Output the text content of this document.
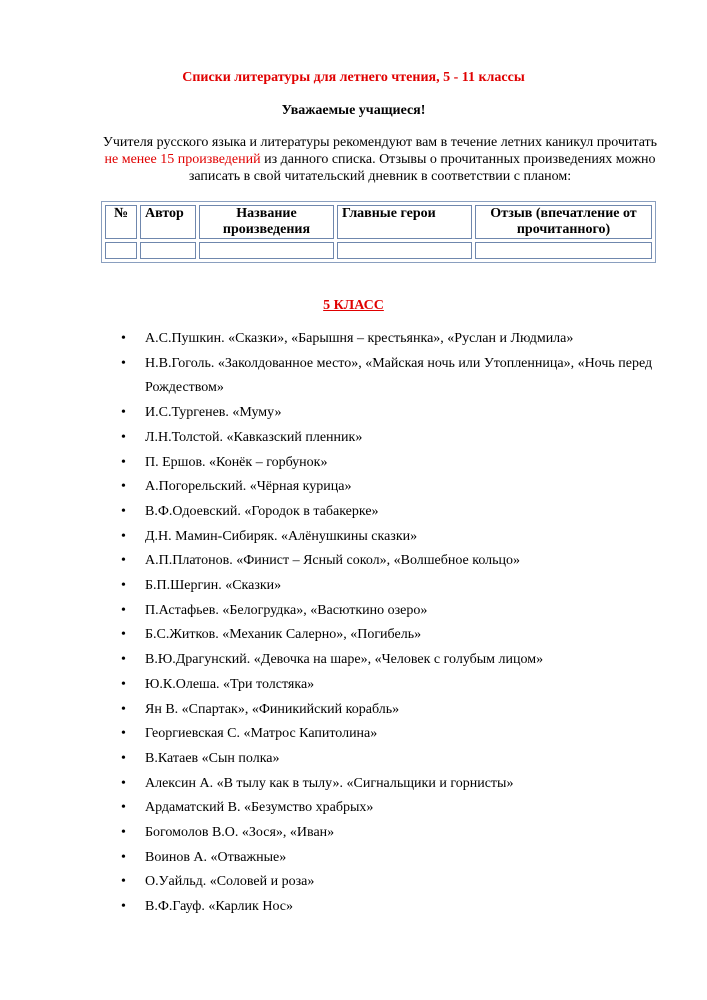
Списки литературы для летнего чтения, 5 - 11 классы
Уважаемые учащиеся!
Учителя русского языка и литературы рекомендуют вам в течение летних каникул прочитать не менее 15 произведений из данного списка. Отзывы о прочитанных произведениях можно записать в свой читательский дневник в соответствии с планом:
№	Автор	Название произведения	Главные герои	Отзыв (впечатление от прочитанного)

5 КЛАСС
• А.С.Пушкин. «Сказки», «Барышня – крестьянка», «Руслан и Людмила»
• Н.В.Гоголь. «Заколдованное место», «Майская ночь или Утопленница», «Ночь перед Рождеством»
• И.С.Тургенев. «Муму»
• Л.Н.Толстой. «Кавказский пленник»
• П. Ершов. «Конёк – горбунок»
• А.Погорельский. «Чёрная курица»
• В.Ф.Одоевский. «Городок в табакерке»
• Д.Н. Мамин-Сибиряк. «Алёнушкины сказки»
• А.П.Платонов. «Финист – Ясный сокол», «Волшебное кольцо»
• Б.П.Шергин. «Сказки»
• П.Астафьев. «Белогрудка», «Васюткино озеро»
• Б.С.Житков. «Механик Салерно», «Погибель»
• В.Ю.Драгунский. «Девочка на шаре», «Человек с голубым лицом»
• Ю.К.Олеша. «Три толстяка»
• Ян В. «Спартак», «Финикийский корабль»
• Георгиевская С. «Матрос Капитолина»
• В.Катаев «Сын полка»
• Алексин А. «В тылу как в тылу». «Сигнальщики и горнисты»
• Ардаматский В. «Безумство храбрых»
• Богомолов В.О. «Зося», «Иван»
• Воинов А. «Отважные»
• О.Уайльд. «Соловей и роза»
• В.Ф.Гауф. «Карлик Нос»
